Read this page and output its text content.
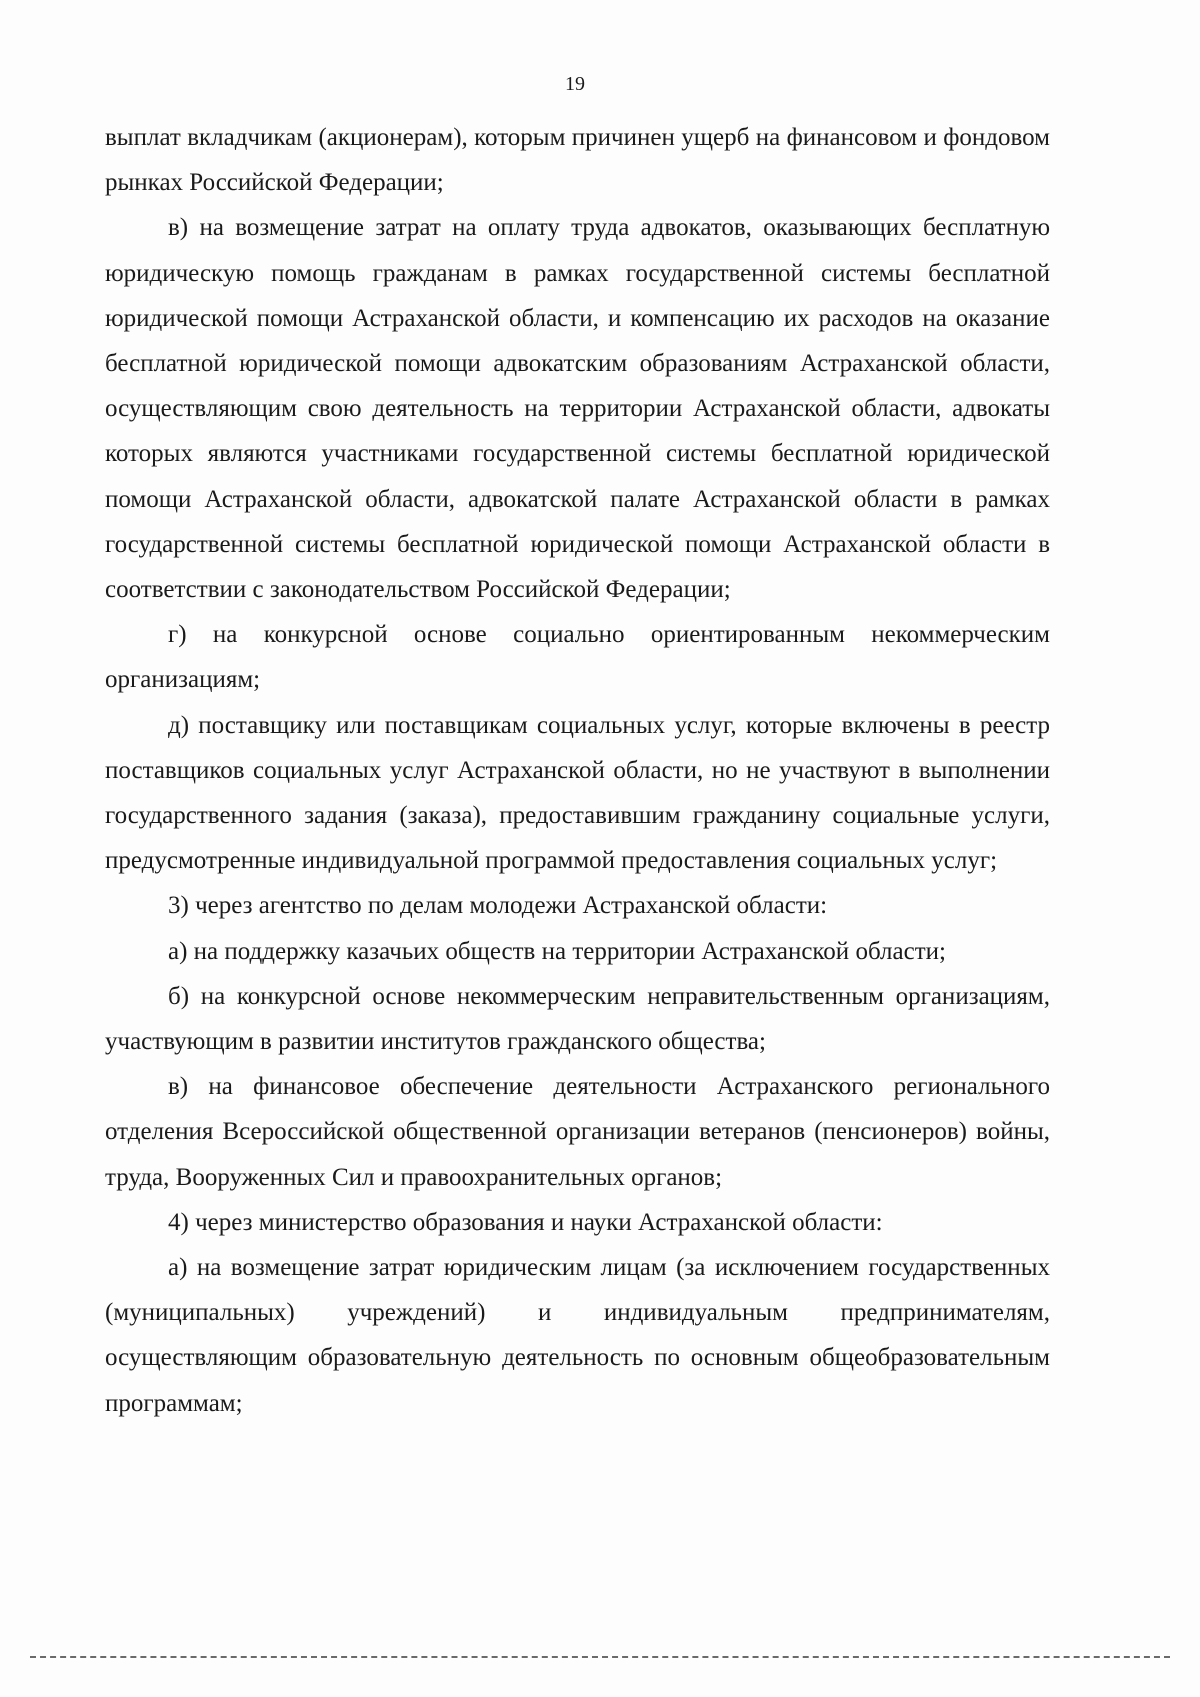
19

выплат вкладчикам (акционерам), которым причинен ущерб на финансовом и фондовом рынках Российской Федерации;

в) на возмещение затрат на оплату труда адвокатов, оказывающих бесплатную юридическую помощь гражданам в рамках государственной системы бесплатной юридической помощи Астраханской области, и компенсацию их расходов на оказание бесплатной юридической помощи адвокатским образованиям Астраханской области, осуществляющим свою деятельность на территории Астраханской области, адвокаты которых являются участниками государственной системы бесплатной юридической помощи Астраханской области, адвокатской палате Астраханской области в рамках государственной системы бесплатной юридической помощи Астраханской области в соответствии с законодательством Российской Федерации;

г) на конкурсной основе социально ориентированным некоммерческим организациям;

д) поставщику или поставщикам социальных услуг, которые включены в реестр поставщиков социальных услуг Астраханской области, но не участвуют в выполнении государственного задания (заказа), предоставившим гражданину социальные услуги, предусмотренные индивидуальной программой предоставления социальных услуг;

3) через агентство по делам молодежи Астраханской области:

а) на поддержку казачьих обществ на территории Астраханской области;

б) на конкурсной основе некоммерческим неправительственным организациям, участвующим в развитии институтов гражданского общества;

в) на финансовое обеспечение деятельности Астраханского регионального отделения Всероссийской общественной организации ветеранов (пенсионеров) войны, труда, Вооруженных Сил и правоохранительных органов;

4) через министерство образования и науки Астраханской области:

а) на возмещение затрат юридическим лицам (за исключением государственных (муниципальных) учреждений) и индивидуальным предпринимателям, осуществляющим образовательную деятельность по основным общеобразовательным программам;
